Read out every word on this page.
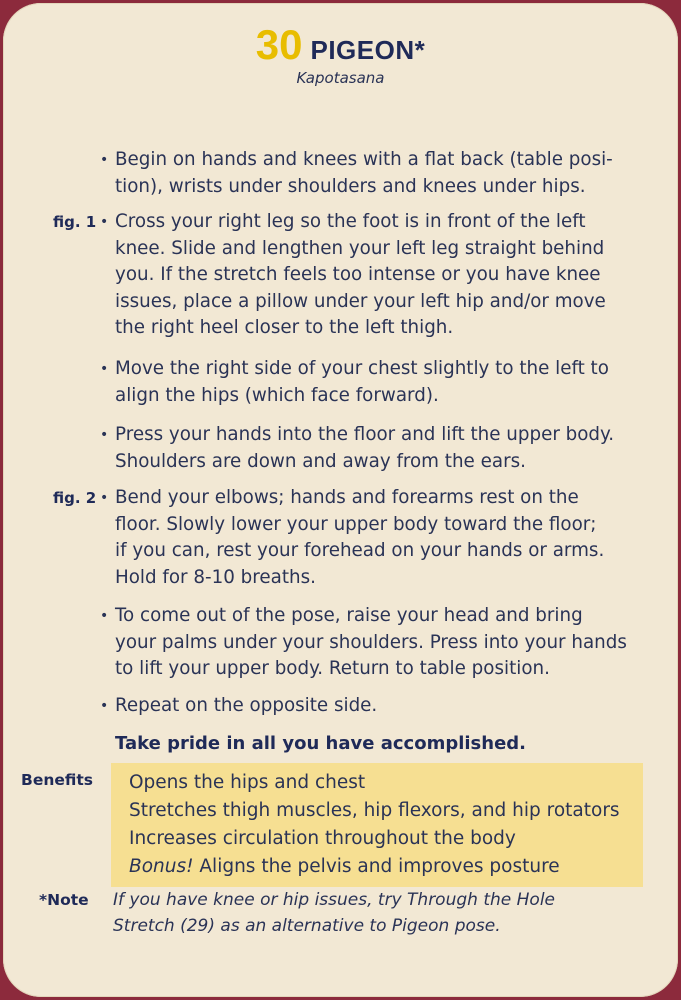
30 PIGEON*
Kapotasana
• Begin on hands and knees with a flat back (table posi-
tion), wrists under shoulders and knees under hips.
fig. 1 • Cross your right leg so the foot is in front of the left
knee. Slide and lengthen your left leg straight behind
you. If the stretch feels too intense or you have knee
issues, place a pillow under your left hip and/or move
the right heel closer to the left thigh.
• Move the right side of your chest slightly to the left to
align the hips (which face forward).
• Press your hands into the floor and lift the upper body.
Shoulders are down and away from the ears.
fig. 2 • Bend your elbows; hands and forearms rest on the
floor. Slowly lower your upper body toward the floor;
if you can, rest your forehead on your hands or arms.
Hold for 8-10 breaths.
• To come out of the pose, raise your head and bring
your palms under your shoulders. Press into your hands
to lift your upper body. Return to table position.
• Repeat on the opposite side.
Take pride in all you have accomplished.
Benefits Opens the hips and chest
Stretches thigh muscles, hip flexors, and hip rotators
Increases circulation throughout the body
Bonus! Aligns the pelvis and improves posture
*Note If you have knee or hip issues, try Through the Hole
Stretch (29) as an alternative to Pigeon pose.
